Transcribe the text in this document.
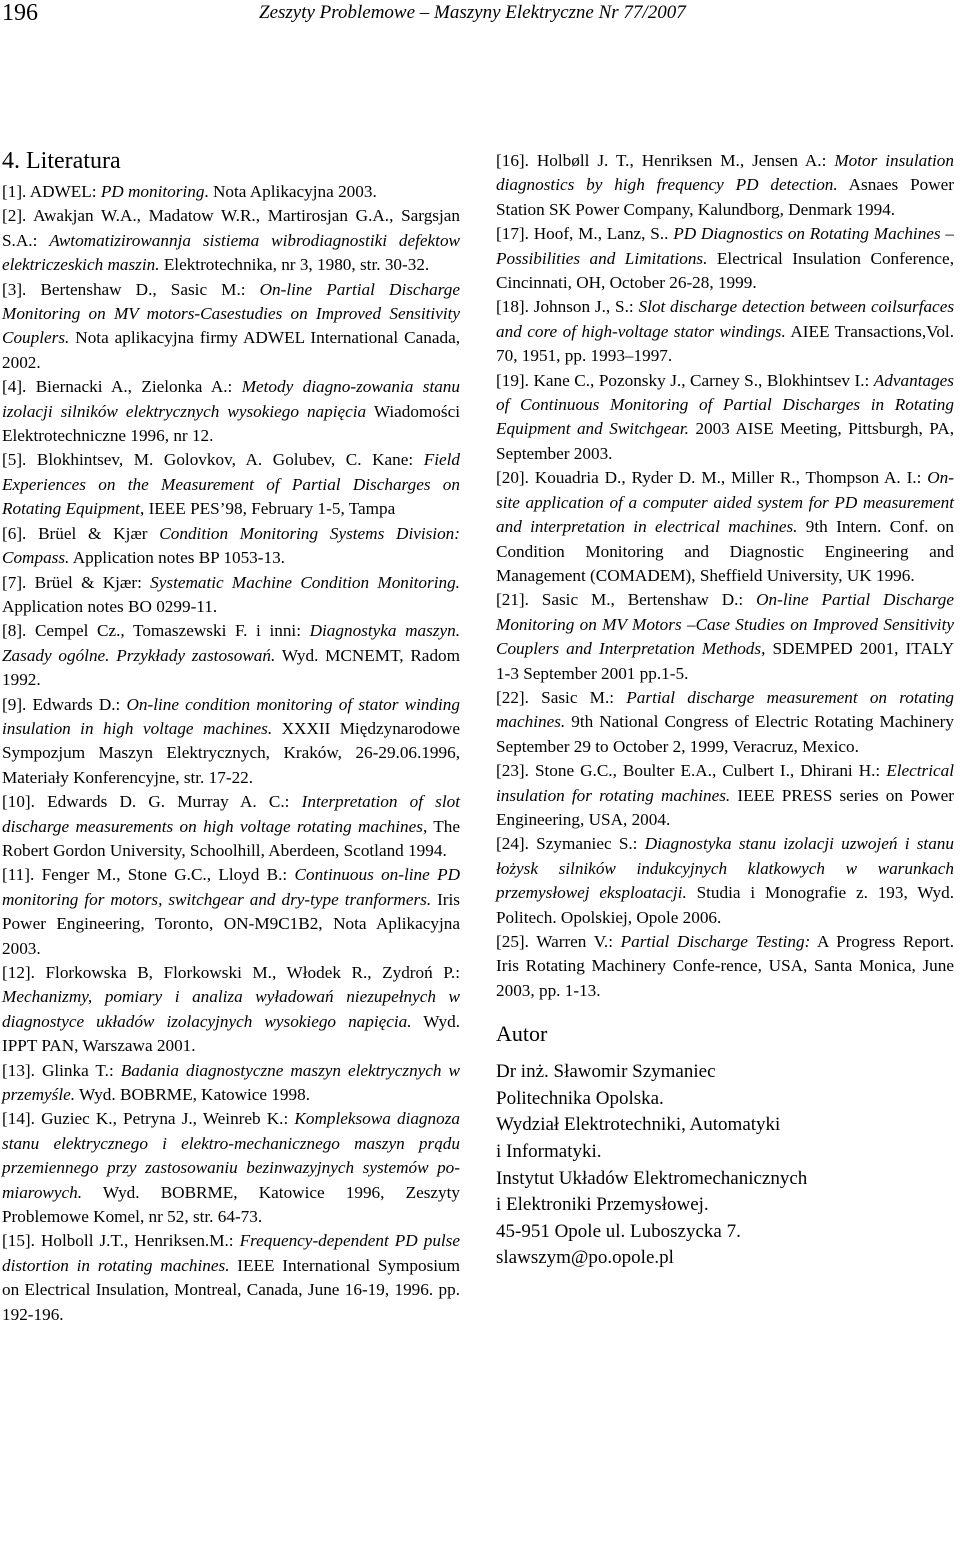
196	Zeszyty Problemowe – Maszyny Elektryczne Nr 77/2007
4. Literatura

[1]. ADWEL: PD monitoring. Nota Aplikacyjna 2003.

[2]. Awakjan W.A., Madatow W.R., Martirosjan G.A., Sargsjan S.A.: Awtomatizirowannja sistiema wibrodiagnostiki defektow elektriczeskich maszin. Elektrotechnika, nr 3, 1980, str. 30-32.

[3]. Bertenshaw D., Sasic M.: On-line Partial Discharge Monitoring on MV motors-Casestudies on Improved Sensitivity Couplers. Nota aplikacyjna firmy ADWEL International Canada, 2002.

[4]. Biernacki A., Zielonka A.: Metody diagno-zowania stanu izolacji silników elektrycznych wysokiego napięcia Wiadomości Elektrotechniczne 1996, nr 12.

[5]. Blokhintsev, M. Golovkov, A. Golubev, C. Kane: Field Experiences on the Measurement of Partial Discharges on Rotating Equipment, IEEE PES’98, February 1-5, Tampa

[6]. Brüel & Kjær Condition Monitoring Systems Division: Compass. Application notes BP 1053-13.

[7]. Brüel & Kjær: Systematic Machine Condition Monitoring. Application notes BO 0299-11.

[8]. Cempel Cz., Tomaszewski F. i inni: Diagnostyka maszyn. Zasady ogólne. Przykłady zastosowań. Wyd. MCNEMT, Radom 1992.

[9]. Edwards D.: On-line condition monitoring of stator winding insulation in high voltage machines. XXXII Międzynarodowe Sympozjum Maszyn Elektrycznych, Kraków, 26-29.06.1996, Materiały Konferencyjne, str. 17-22.

[10]. Edwards D. G. Murray A. C.: Interpretation of slot discharge measurements on high voltage rotating machines, The Robert Gordon University, Schoolhill, Aberdeen, Scotland 1994.

[11]. Fenger M., Stone G.C., Lloyd B.: Continuous on-line PD monitoring for motors, switchgear and dry-type tranformers. Iris Power Engineering, Toronto, ON-M9C1B2, Nota Aplikacyjna 2003.

[12]. Florkowska B, Florkowski M., Włodek R., Zydroń P.: Mechanizmy, pomiary i analiza wyładowań niezupełnych w diagnostyce układów izolacyjnych wysokiego napięcia. Wyd. IPPT PAN, Warszawa 2001.

[13]. Glinka T.: Badania diagnostyczne maszyn elektrycznych w przemyśle. Wyd. BOBRME, Katowice 1998.

[14]. Guziec K., Petryna J., Weinreb K.: Kompleksowa diagnoza stanu elektrycznego i elektro-mechanicznego maszyn prądu przemiennego przy zastosowaniu bezinwazyjnych systemów po-miarowych. Wyd. BOBRME, Katowice 1996, Zeszyty Problemowe Komel, nr 52, str. 64-73.

[15]. Holboll J.T., Henriksen.M.: Frequency-dependent PD pulse distortion in rotating machines. IEEE International Symposium on Electrical Insulation, Montreal, Canada, June 16-19, 1996. pp. 192-196.

[16]. Holbøll J. T., Henriksen M., Jensen A.: Motor insulation diagnostics by high frequency PD detection. Asnaes Power Station SK Power Company, Kalundborg, Denmark 1994.

[17]. Hoof, M., Lanz, S.. PD Diagnostics on Rotating Machines – Possibilities and Limitations. Electrical Insulation Conference, Cincinnati, OH, October 26-28, 1999.

[18]. Johnson J., S.: Slot discharge detection between coilsurfaces and core of high-voltage stator windings. AIEE Transactions,Vol. 70, 1951, pp. 1993–1997.

[19]. Kane C., Pozonsky J., Carney S., Blokhintsev I.: Advantages of Continuous Monitoring of Partial Discharges in Rotating Equipment and Switchgear. 2003 AISE Meeting, Pittsburgh, PA, September 2003.

[20]. Kouadria D., Ryder D. M., Miller R., Thompson A. I.: On-site application of a computer aided system for PD measurement and interpretation in electrical machines. 9th Intern. Conf. on Condition Monitoring and Diagnostic Engineering and Management (COMADEM), Sheffield University, UK 1996.

[21]. Sasic M., Bertenshaw D.: On-line Partial Discharge Monitoring on MV Motors –Case Studies on Improved Sensitivity Couplers and Interpretation Methods, SDEMPED 2001, ITALY 1-3 September 2001 pp.1-5.

[22]. Sasic M.: Partial discharge measurement on rotating machines. 9th National Congress of Electric Rotating Machinery September 29 to October 2, 1999, Veracruz, Mexico.

[23]. Stone G.C., Boulter E.A., Culbert I., Dhirani H.: Electrical insulation for rotating machines. IEEE PRESS series on Power Engineering, USA, 2004.

[24]. Szymaniec S.: Diagnostyka stanu izolacji uzwojeń i stanu łożysk silników indukcyjnych klatkowych w warunkach przemysłowej eksploatacji. Studia i Monografie z. 193, Wyd. Politech. Opolskiej, Opole 2006.

[25]. Warren V.: Partial Discharge Testing: A Progress Report. Iris Rotating Machinery Confe-rence, USA, Santa Monica, June 2003, pp. 1-13.

Autor

Dr inż. Sławomir Szymaniec

Politechnika Opolska.

Wydział Elektrotechniki, Automatyki

i Informatyki.

Instytut Układów Elektromechanicznych

i Elektroniki Przemysłowej.

45-951 Opole ul. Luboszycka 7.

slawszym@po.opole.pl
